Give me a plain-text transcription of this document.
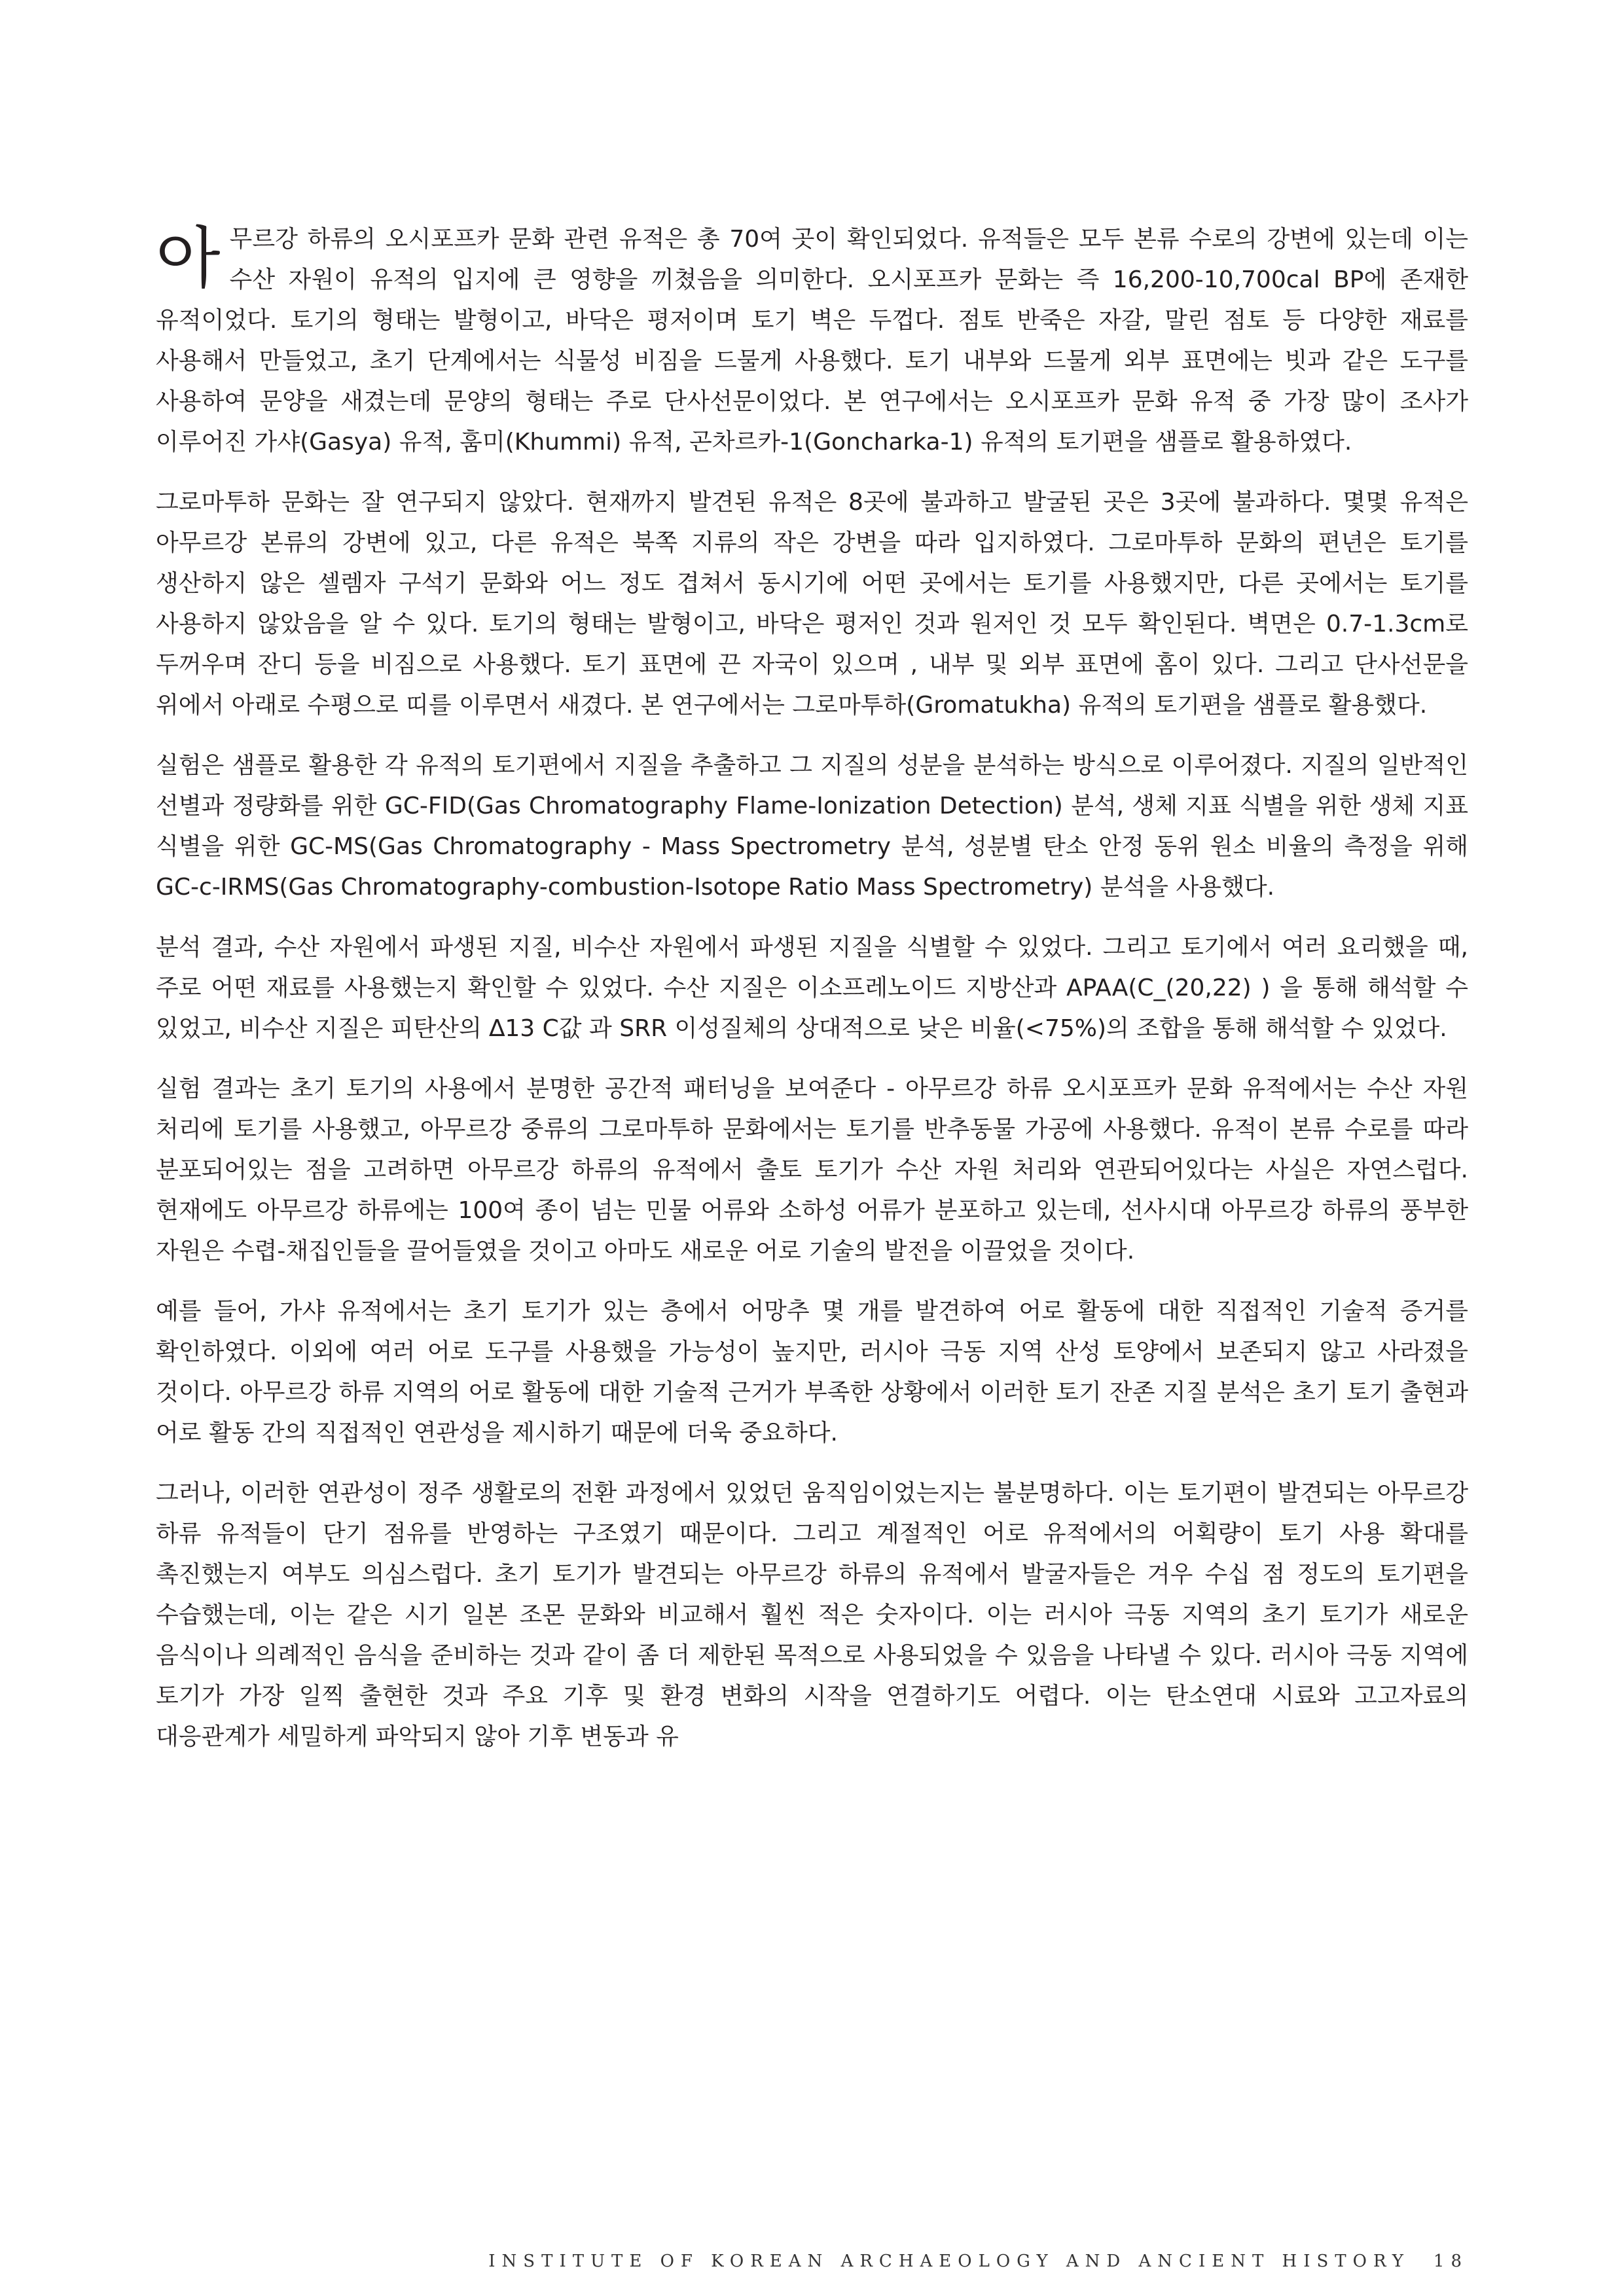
아무르강 하류의 오시포프카 문화 관련 유적은 총 70여 곳이 확인되었다. 유적들은 모두 본류 수로의 강변에 있는데 이는 수산 자원이 유적의 입지에 큰 영향을 끼쳤음을 의미한다. 오시포프카 문화는 즉 16,200-10,700cal BP에 존재한 유적이었다. 토기의 형태는 발형이고, 바닥은 평저이며 토기 벽은 두껍다. 점토 반죽은 자갈, 말린 점토 등 다양한 재료를 사용해서 만들었고, 초기 단계에서는 식물성 비짐을 드물게 사용했다. 토기 내부와 드물게 외부 표면에는 빗과 같은 도구를 사용하여 문양을 새겼는데 문양의 형태는 주로 단사선문이었다. 본 연구에서는 오시포프카 문화 유적 중 가장 많이 조사가 이루어진 가샤(Gasya) 유적, 훔미(Khummi) 유적, 곤차르카-1(Goncharka-1) 유적의 토기편을 샘플로 활용하였다.

그로마투하 문화는 잘 연구되지 않았다. 현재까지 발견된 유적은 8곳에 불과하고 발굴된 곳은 3곳에 불과하다. 몇몇 유적은 아무르강 본류의 강변에 있고, 다른 유적은 북쪽 지류의 작은 강변을 따라 입지하였다. 그로마투하 문화의 편년은 토기를 생산하지 않은 셀렘자 구석기 문화와 어느 정도 겹쳐서 동시기에 어떤 곳에서는 토기를 사용했지만, 다른 곳에서는 토기를 사용하지 않았음을 알 수 있다. 토기의 형태는 발형이고, 바닥은 평저인 것과 원저인 것 모두 확인된다. 벽면은 0.7-1.3cm로 두꺼우며 잔디 등을 비짐으로 사용했다. 토기 표면에 끈 자국이 있으며 , 내부 및 외부 표면에 홈이 있다. 그리고 단사선문을 위에서 아래로 수평으로 띠를 이루면서 새겼다. 본 연구에서는 그로마투하(Gromatukha) 유적의 토기편을 샘플로 활용했다.

실험은 샘플로 활용한 각 유적의 토기편에서 지질을 추출하고 그 지질의 성분을 분석하는 방식으로 이루어졌다. 지질의 일반적인 선별과 정량화를 위한 GC-FID(Gas Chromatography Flame-Ionization Detection) 분석, 생체 지표 식별을 위한 생체 지표 식별을 위한 GC-MS(Gas Chromatography - Mass Spectrometry 분석, 성분별 탄소 안정 동위 원소 비율의 측정을 위해 GC-c-IRMS(Gas Chromatography-combustion-Isotope Ratio Mass Spectrometry) 분석을 사용했다.

분석 결과, 수산 자원에서 파생된 지질, 비수산 자원에서 파생된 지질을 식별할 수 있었다. 그리고 토기에서 여러 요리했을 때, 주로 어떤 재료를 사용했는지 확인할 수 있었다. 수산 지질은 이소프레노이드 지방산과 APAA(C_(20,22) ) 을 통해 해석할 수 있었고, 비수산 지질은 피탄산의 ∆13 C값 과 SRR 이성질체의 상대적으로 낮은 비율(<75%)의 조합을 통해 해석할 수 있었다.

실험 결과는 초기 토기의 사용에서 분명한 공간적 패터닝을 보여준다 - 아무르강 하류 오시포프카 문화 유적에서는 수산 자원 처리에 토기를 사용했고, 아무르강 중류의 그로마투하 문화에서는 토기를 반추동물 가공에 사용했다. 유적이 본류 수로를 따라 분포되어있는 점을 고려하면 아무르강 하류의 유적에서 출토 토기가 수산 자원 처리와 연관되어있다는 사실은 자연스럽다. 현재에도 아무르강 하류에는 100여 종이 넘는 민물 어류와 소하성 어류가 분포하고 있는데, 선사시대 아무르강 하류의 풍부한 자원은 수렵-채집인들을 끌어들였을 것이고 아마도 새로운 어로 기술의 발전을 이끌었을 것이다.

예를 들어, 가샤 유적에서는 초기 토기가 있는 층에서 어망추 몇 개를 발견하여 어로 활동에 대한 직접적인 기술적 증거를 확인하였다. 이외에 여러 어로 도구를 사용했을 가능성이 높지만, 러시아 극동 지역 산성 토양에서 보존되지 않고 사라졌을 것이다. 아무르강 하류 지역의 어로 활동에 대한 기술적 근거가 부족한 상황에서 이러한 토기 잔존 지질 분석은 초기 토기 출현과 어로 활동 간의 직접적인 연관성을 제시하기 때문에 더욱 중요하다.

그러나, 이러한 연관성이 정주 생활로의 전환 과정에서 있었던 움직임이었는지는 불분명하다. 이는 토기편이 발견되는 아무르강 하류 유적들이 단기 점유를 반영하는 구조였기 때문이다. 그리고 계절적인 어로 유적에서의 어획량이 토기 사용 확대를 촉진했는지 여부도 의심스럽다. 초기 토기가 발견되는 아무르강 하류의 유적에서 발굴자들은 겨우 수십 점 정도의 토기편을 수습했는데, 이는 같은 시기 일본 조몬 문화와 비교해서 훨씬 적은 숫자이다. 이는 러시아 극동 지역의 초기 토기가 새로운 음식이나 의례적인 음식을 준비하는 것과 같이 좀 더 제한된 목적으로 사용되었을 수 있음을 나타낼 수 있다. 러시아 극동 지역에 토기가 가장 일찍 출현한 것과 주요 기후 및 환경 변화의 시작을 연결하기도 어렵다. 이는 탄소연대 시료와 고고자료의 대응관계가 세밀하게 파악되지 않아 기후 변동과 유

INSTITUTE OF KOREAN ARCHAEOLOGY AND ANCIENT HISTORY 18
